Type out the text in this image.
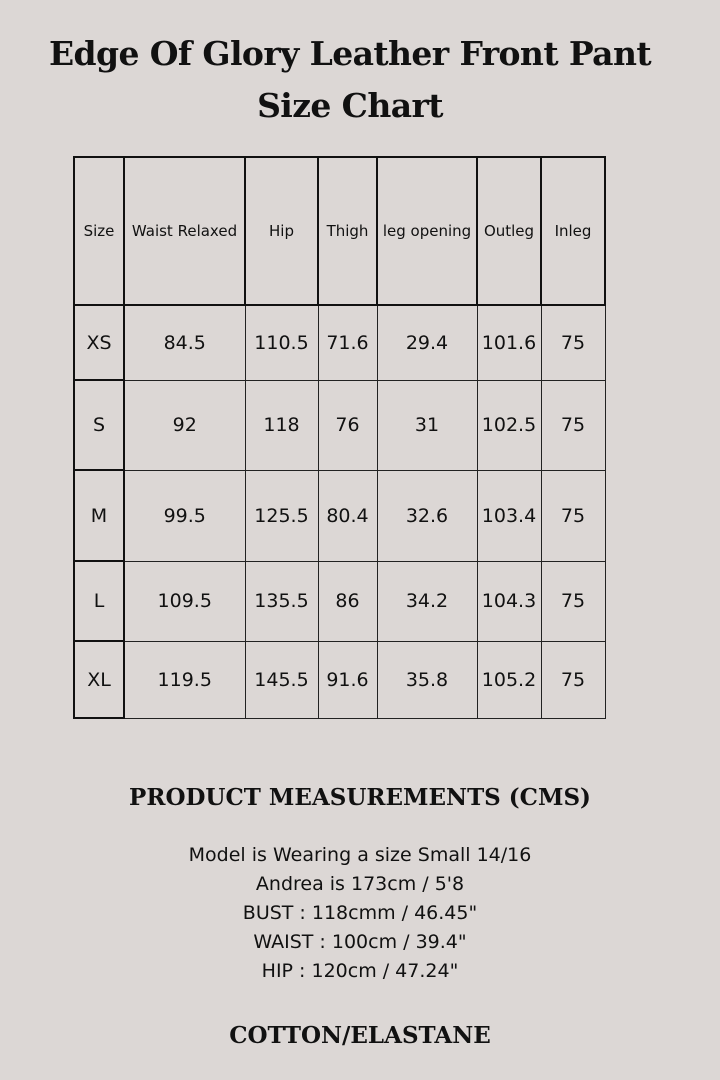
Edge Of Glory Leather Front Pant
Size Chart
Size	Waist Relaxed	Hip	Thigh	leg opening	Outleg	Inleg
XS	84.5	110.5	71.6	29.4	101.6	75
S	92	118	76	31	102.5	75
M	99.5	125.5	80.4	32.6	103.4	75
L	109.5	135.5	86	34.2	104.3	75
XL	119.5	145.5	91.6	35.8	105.2	75
PRODUCT MEASUREMENTS (CMS)
Model is Wearing a size Small 14/16
Andrea is 173cm / 5'8
BUST : 118cmm / 46.45"
WAIST : 100cm / 39.4"
HIP : 120cm / 47.24"
COTTON/ELASTANE
